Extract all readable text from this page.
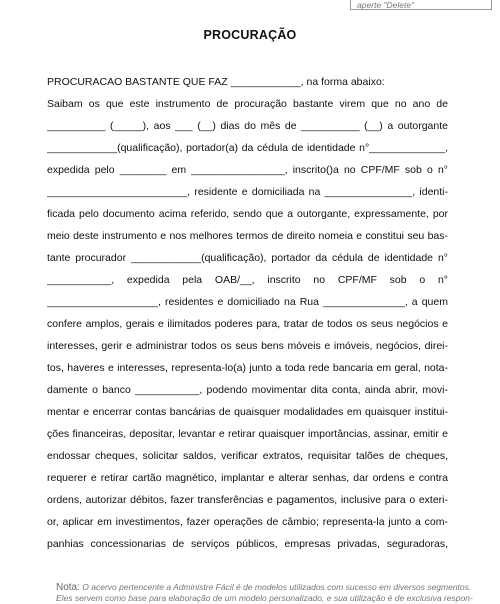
aperte "Delete"
PROCURAÇÃO
PROCURACAO BASTANTE QUE FAZ ____________, na forma abaixo:
Saibam os que este instrumento de procuração bastante virem que no ano de
__________ (_____), aos ___ (__) dias do mês de __________ (__) a outorgante
____________(qualificação), portador(a) da cédula de identidade n°_____________,
expedida pelo ________ em ________________, inscrito()a no CPF/MF sob o n°
________________________, residente e domiciliada na _______________, identi-
ficada pelo documento acima referido, sendo que a outorgante, expressamente, por
meio deste instrumento e nos melhores termos de direito nomeia e constitui seu bas-
tante procurador ____________(qualificação), portador da cédula de identidade n°
___________, expedida pela OAB/__, inscrito no CPF/MF sob o n°
___________________, residentes e domiciliado na Rua ______________, a quem
confere amplos, gerais e ilimitados poderes para, tratar de todos os seus negócios e
interesses, gerir e administrar todos os seus bens móveis e imóveis, negócios, direi-
tos, haveres e interesses, representa-lo(a) junto a toda rede bancaria em geral, nota-
damente o banco ___________, podendo movimentar dita conta, ainda abrir, movi-
mentar e encerrar contas bancárias de quaisquer modalidades em quaisquer institui-
ções financeiras, depositar, levantar e retirar quaisquer importâncias, assinar, emitir e
endossar cheques, solicitar saldos, verificar extratos, requisitar talões de cheques,
requerer e retirar cartão magnético, implantar e alterar senhas, dar ordens e contra
ordens, autorizar débitos, fazer transferências e pagamentos, inclusive para o exteri-
or, aplicar em investimentos, fazer operações de câmbio; representa-la junto a com-
panhias concessionarias de serviços públicos, empresas privadas, seguradoras,
Nota: O acervo pertencente a Administre Fácil é de modelos utilizados com sucesso em diversos segmentos.
Eles servem como base para elaboração de um modelo personalizado, e sua utilização é de exclusiva respon-
